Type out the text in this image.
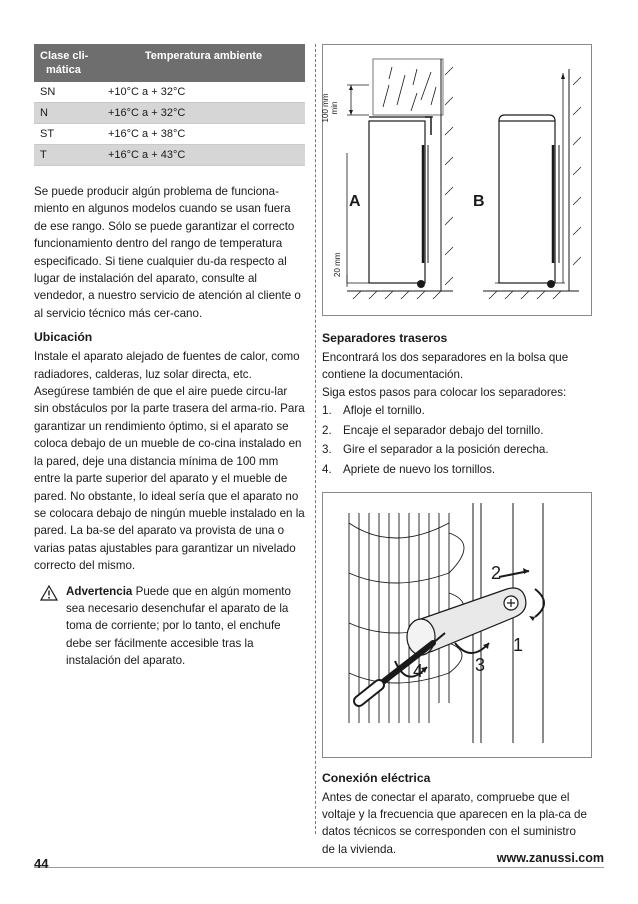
Clase cli-
mática	Temperatura ambiente
SN	+10°C a + 32°C
N	+16°C a + 32°C
ST	+16°C a + 38°C
T	+16°C a + 43°C

Se puede producir algún problema de funciona-miento en algunos modelos cuando se usan fuera de ese rango. Sólo se puede garantizar el correcto funcionamiento dentro del rango de temperatura especificado. Si tiene cualquier du-da respecto al lugar de instalación del aparato, consulte al vendedor, a nuestro servicio de atención al cliente o al servicio técnico más cer-cano.

Ubicación

Instale el aparato alejado de fuentes de calor, como radiadores, calderas, luz solar directa, etc. Asegúrese también de que el aire puede circu-lar sin obstáculos por la parte trasera del arma-rio. Para garantizar un rendimiento óptimo, si el aparato se coloca debajo de un mueble de co-cina instalado en la pared, deje una distancia mínima de 100 mm entre la parte superior del aparato y el mueble de pared. No obstante, lo ideal sería que el aparato no se colocara debajo de ningún mueble instalado en la pared. La ba-se del aparato va provista de una o varias patas ajustables para garantizar un nivelado correcto del mismo.

Advertencia Puede que en algún momento sea necesario desenchufar el aparato de la toma de corriente; por lo tanto, el enchufe debe ser fácilmente accesible tras la instalación del aparato.

A	B
100 mm min
20 mm
Separadores traseros

Encontrará los dos separadores en la bolsa que contiene la documentación.

Siga estos pasos para colocar los separadores:

1. Afloje el tornillo.
2. Encaje el separador debajo del tornillo.
3. Gire el separador a la posición derecha.
4. Apriete de nuevo los tornillos.
1
2
3
4
Conexión eléctrica

Antes de conectar el aparato, compruebe que el voltaje y la frecuencia que aparecen en la pla-ca de datos técnicos se corresponden con el suministro de la vivienda.

44	www.zanussi.com
